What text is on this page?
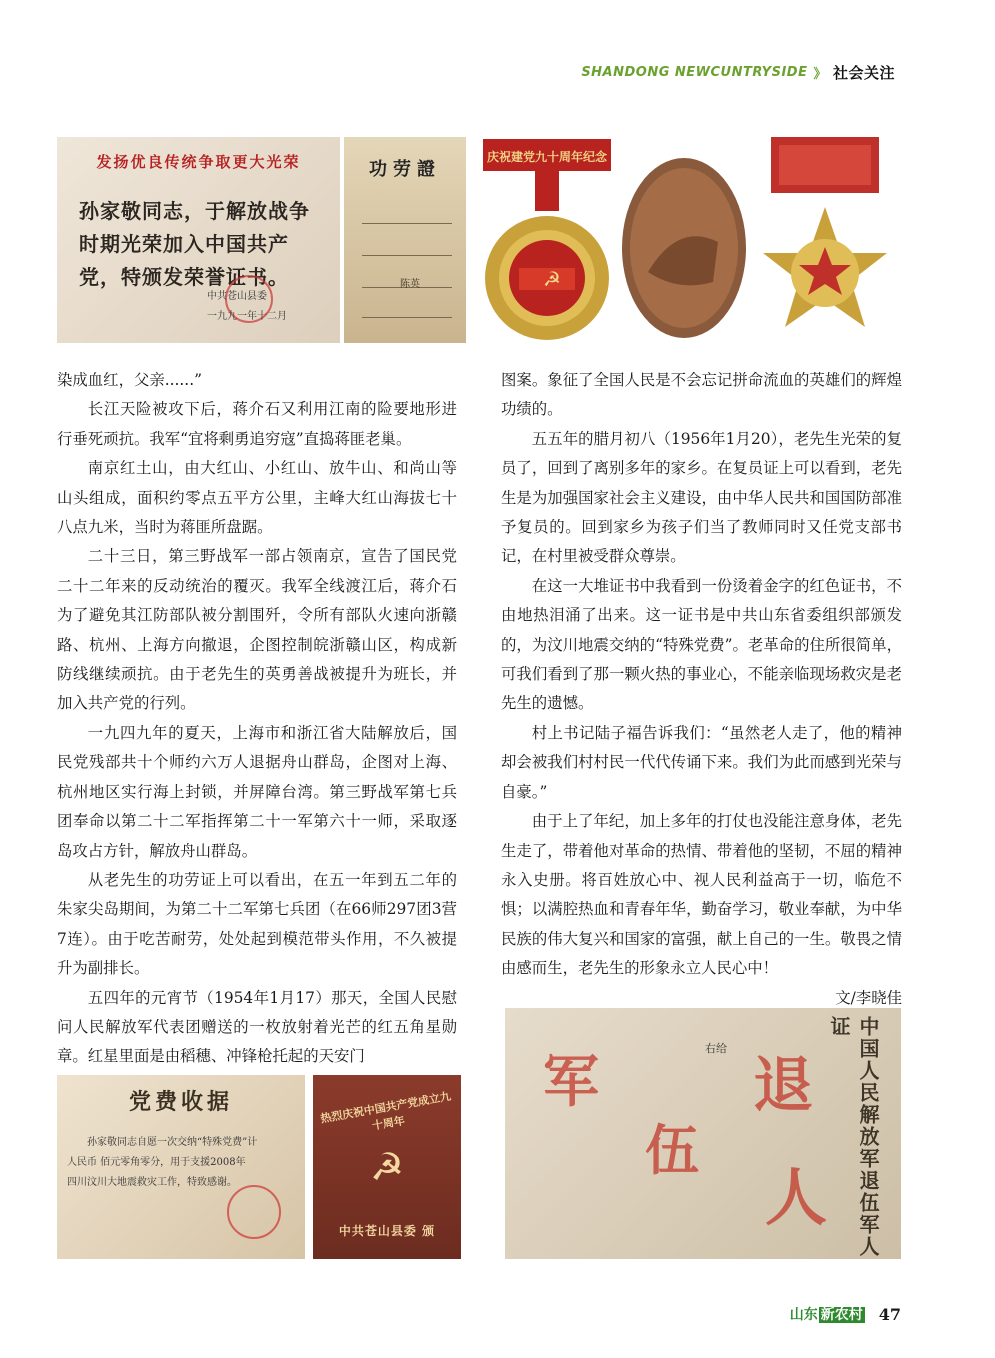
SHANDONG NEWCUNTRYSIDE 》 社会关注
发扬优良传统争取更大光荣
孙家敬同志，于解放战争时期光荣加入中国共产党，特颁发荣誉证书。
中共苍山县委
一九九一年十二月
功劳證
陈英
庆祝建党九十周年纪念
☭

染成血红，父亲......”

长江天险被攻下后，蒋介石又利用江南的险要地形进行垂死顽抗。我军“宜将剩勇追穷寇”直捣蒋匪老巢。

南京红土山，由大红山、小红山、放牛山、和尚山等山头组成，面积约零点五平方公里，主峰大红山海拔七十八点九米，当时为蒋匪所盘踞。

二十三日，第三野战军一部占领南京，宣告了国民党二十二年来的反动统治的覆灭。我军全线渡江后，蒋介石为了避免其江防部队被分割围歼，令所有部队火速向浙赣路、杭州、上海方向撤退，企图控制皖浙赣山区，构成新防线继续顽抗。由于老先生的英勇善战被提升为班长，并加入共产党的行列。

一九四九年的夏天，上海市和浙江省大陆解放后，国民党残部共十个师约六万人退据舟山群岛，企图对上海、杭州地区实行海上封锁，并屏障台湾。第三野战军第七兵团奉命以第二十二军指挥第二十一军第六十一师，采取逐岛攻占方针，解放舟山群岛。

从老先生的功劳证上可以看出，在五一年到五二年的朱家尖岛期间，为第二十二军第七兵团（在66师297团3营7连）。由于吃苦耐劳，处处起到模范带头作用，不久被提升为副排长。

五四年的元宵节（1954年1月17）那天，全国人民慰问人民解放军代表团赠送的一枚放射着光芒的红五角星勋章。红星里面是由稻穗、冲锋枪托起的天安门

图案。象征了全国人民是不会忘记拼命流血的英雄们的辉煌功绩的。

五五年的腊月初八（1956年1月20），老先生光荣的复员了，回到了离别多年的家乡。在复员证上可以看到，老先生是为加强国家社会主义建设，由中华人民共和国国防部准予复员的。回到家乡为孩子们当了教师同时又任党支部书记，在村里被受群众尊崇。

在这一大堆证书中我看到一份烫着金字的红色证书，不由地热泪涌了出来。这一证书是中共山东省委组织部颁发的，为汶川地震交纳的“特殊党费”。老革命的住所很简单，可我们看到了那一颗火热的事业心，不能亲临现场救灾是老先生的遗憾。

村上书记陆子福告诉我们：“虽然老人走了，他的精神却会被我们村村民一代代传诵下来。我们为此而感到光荣与自豪。”

由于上了年纪，加上多年的打仗也没能注意身体，老先生走了，带着他对革命的热情、带着他的坚韧，不屈的精神永入史册。将百姓放心中、视人民利益高于一切，临危不惧；以满腔热血和青春年华，勤奋学习，敬业奉献，为中华民族的伟大复兴和国家的富强，献上自己的一生。敬畏之情由感而生，老先生的形象永立人民心中！

文/李晓佳

党费收据
孙家敬同志自愿一次交纳“特殊党费”计
人民币 佰元零角零分，用于支援2008年
四川汶川大地震救灾工作，特致感谢。
热烈庆祝中国共产党成立九十周年
☭
中共苍山县委 颁	中国人民解放军退伍军人证
右给
退
伍
军
人
山东 新农村 47
